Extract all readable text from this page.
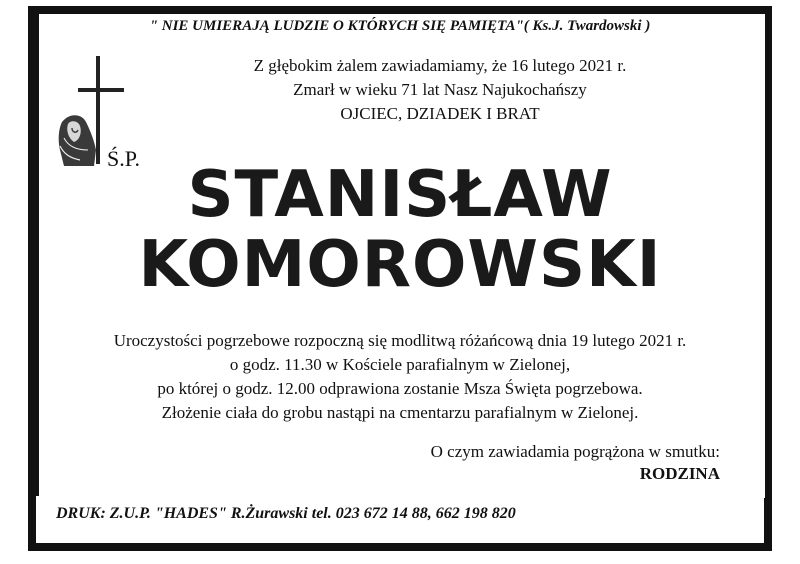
" NIE UMIERAJĄ LUDZIE O KTÓRYCH SIĘ PAMIĘTA"( Ks.J. Twardowski )
Z głębokim żalem zawiadamiamy, że 16 lutego 2021 r.
Zmarł w wieku 71 lat Nasz Najukochańszy
OJCIEC, DZIADEK I BRAT
Ś.P. STANISŁAW
KOMOROWSKI
Uroczystości pogrzebowe rozpoczną się modlitwą różańcową dnia 19 lutego 2021 r.
o godz. 11.30 w Kościele parafialnym w Zielonej,
po której o godz. 12.00 odprawiona zostanie Msza Święta pogrzebowa.
Złożenie ciała do grobu nastąpi na cmentarzu parafialnym w Zielonej.
O czym zawiadamia pogrążona w smutku:
RODZINA
DRUK: Z.U.P. "HADES" R.Żurawski tel. 023 672 14 88, 662 198 820
